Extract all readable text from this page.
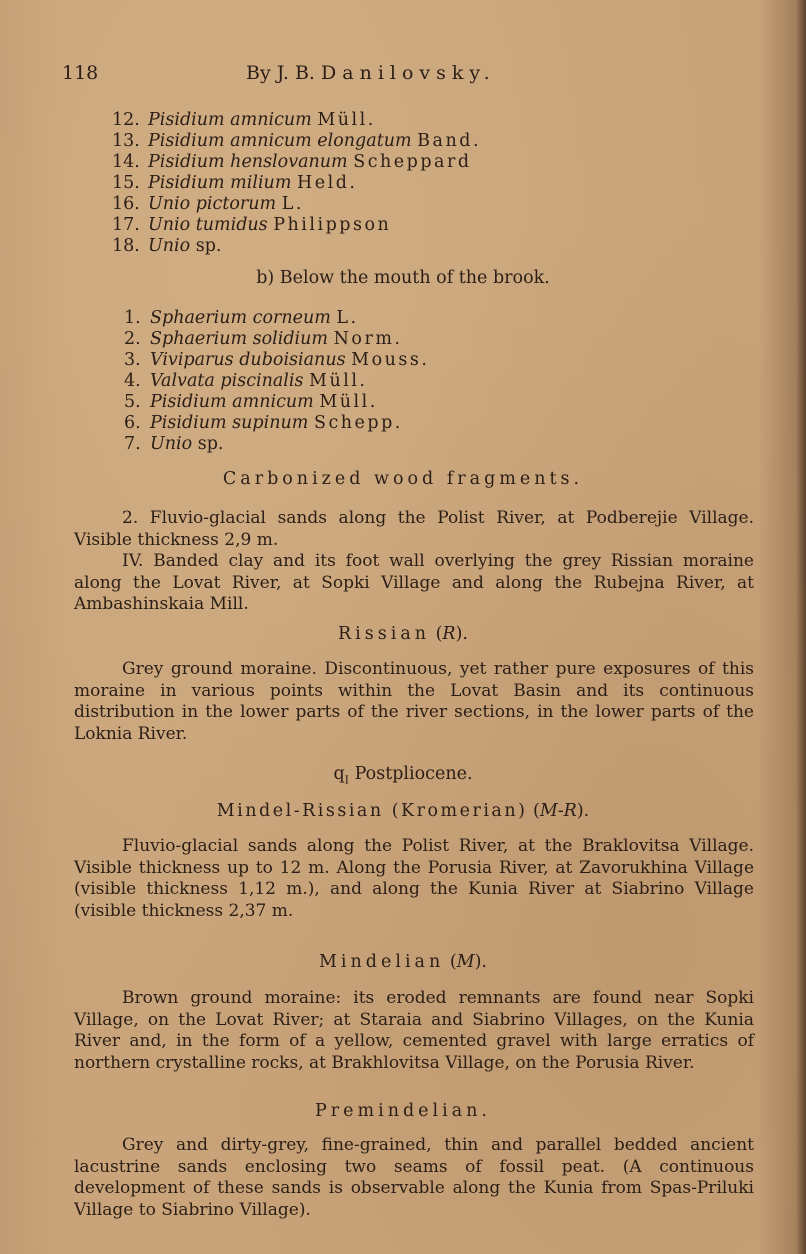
118	By J. B. Danilovsky.
12. Pisidium amnicum Müll.
13. Pisidium amnicum elongatum Band.
14. Pisidium henslovanum Scheppard
15. Pisidium milium Held.
16. Unio pictorum L.
17. Unio tumidus Philippson
18. Unio sp.
b) Below the mouth of the brook.
1. Sphaerium corneum L.
2. Sphaerium solidium Norm.
3. Viviparus duboisianus Mouss.
4. Valvata piscinalis Müll.
5. Pisidium amnicum Müll.
6. Pisidium supinum Schepp.
7. Unio sp.
Carbonized wood fragments.

2. Fluvio-glacial sands along the Polist River, at Podberejie Village. Visible thickness 2,9 m.

IV. Banded clay and its foot wall overlying the grey Rissian moraine along the Lovat River, at Sopki Village and along the Rubejna River, at Ambashinskaia Mill.

Rissian (R).

Grey ground moraine. Discontinuous, yet rather pure exposures of this moraine in various points within the Lovat Basin and its continuous distribution in the lower parts of the river sections, in the lower parts of the Loknia River.

$q_I$ Postpliocene.
Mindel-Rissian (Kromerian) (M-R).

Fluvio-glacial sands along the Polist River, at the Braklovitsa Village. Visible thickness up to 12 m. Along the Porusia River, at Zavorukhina Village (visible thickness 1,12 m.), and along the Kunia River at Siabrino Village (visible thickness 2,37 m.

Mindelian (M).

Brown ground moraine: its eroded remnants are found near Sopki Village, on the Lovat River; at Staraia and Siabrino Villages, on the Kunia River and, in the form of a yellow, cemented gravel with large erratics of northern crystalline rocks, at Brakhlovitsa Village, on the Porusia River.

Premindelian.

Grey and dirty-grey, fine-grained, thin and parallel bedded ancient lacustrine sands enclosing two seams of fossil peat. (A continuous development of these sands is observable along the Kunia from Spas-Priluki Village to Siabrino Village).
